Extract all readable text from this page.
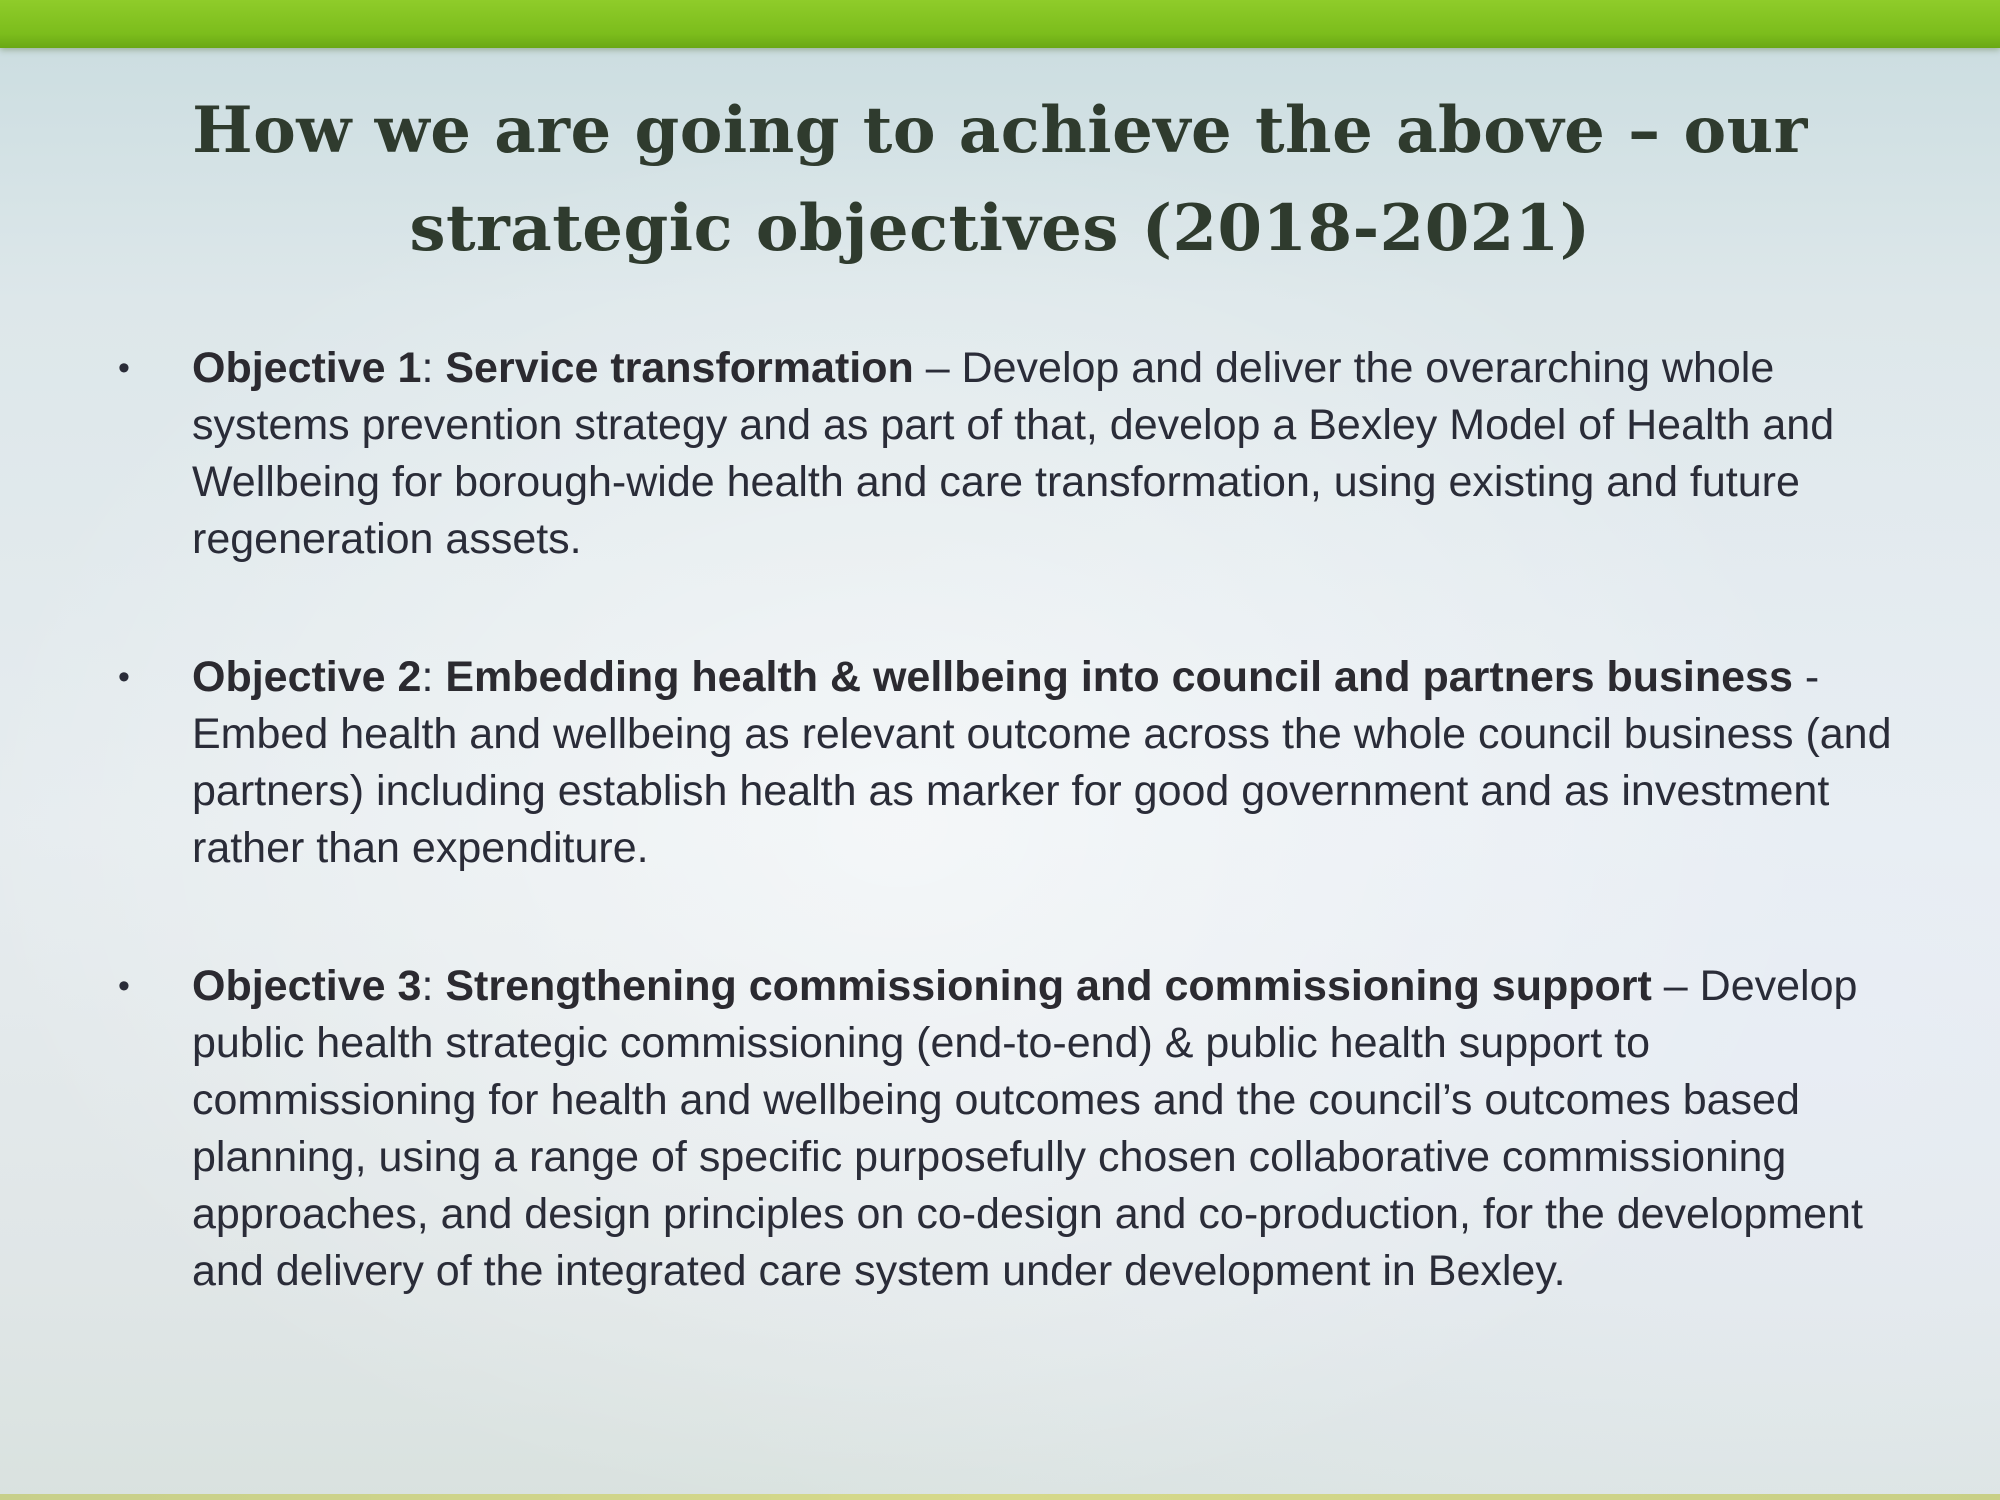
How we are going to achieve the above – our strategic objectives (2018-2021)
• Objective 1: Service transformation – Develop and deliver the overarching whole systems prevention strategy and as part of that, develop a Bexley Model of Health and Wellbeing for borough-wide health and care transformation, using existing and future regeneration assets.
• Objective 2: Embedding health & wellbeing into council and partners business - Embed health and wellbeing as relevant outcome across the whole council business (and partners) including establish health as marker for good government and as investment rather than expenditure.
• Objective 3: Strengthening commissioning and commissioning support – Develop public health strategic commissioning (end-to-end) & public health support to commissioning for health and wellbeing outcomes and the council’s outcomes based planning, using a range of specific purposefully chosen collaborative commissioning approaches, and design principles on co-design and co-production, for the development and delivery of the integrated care system under development in Bexley.
